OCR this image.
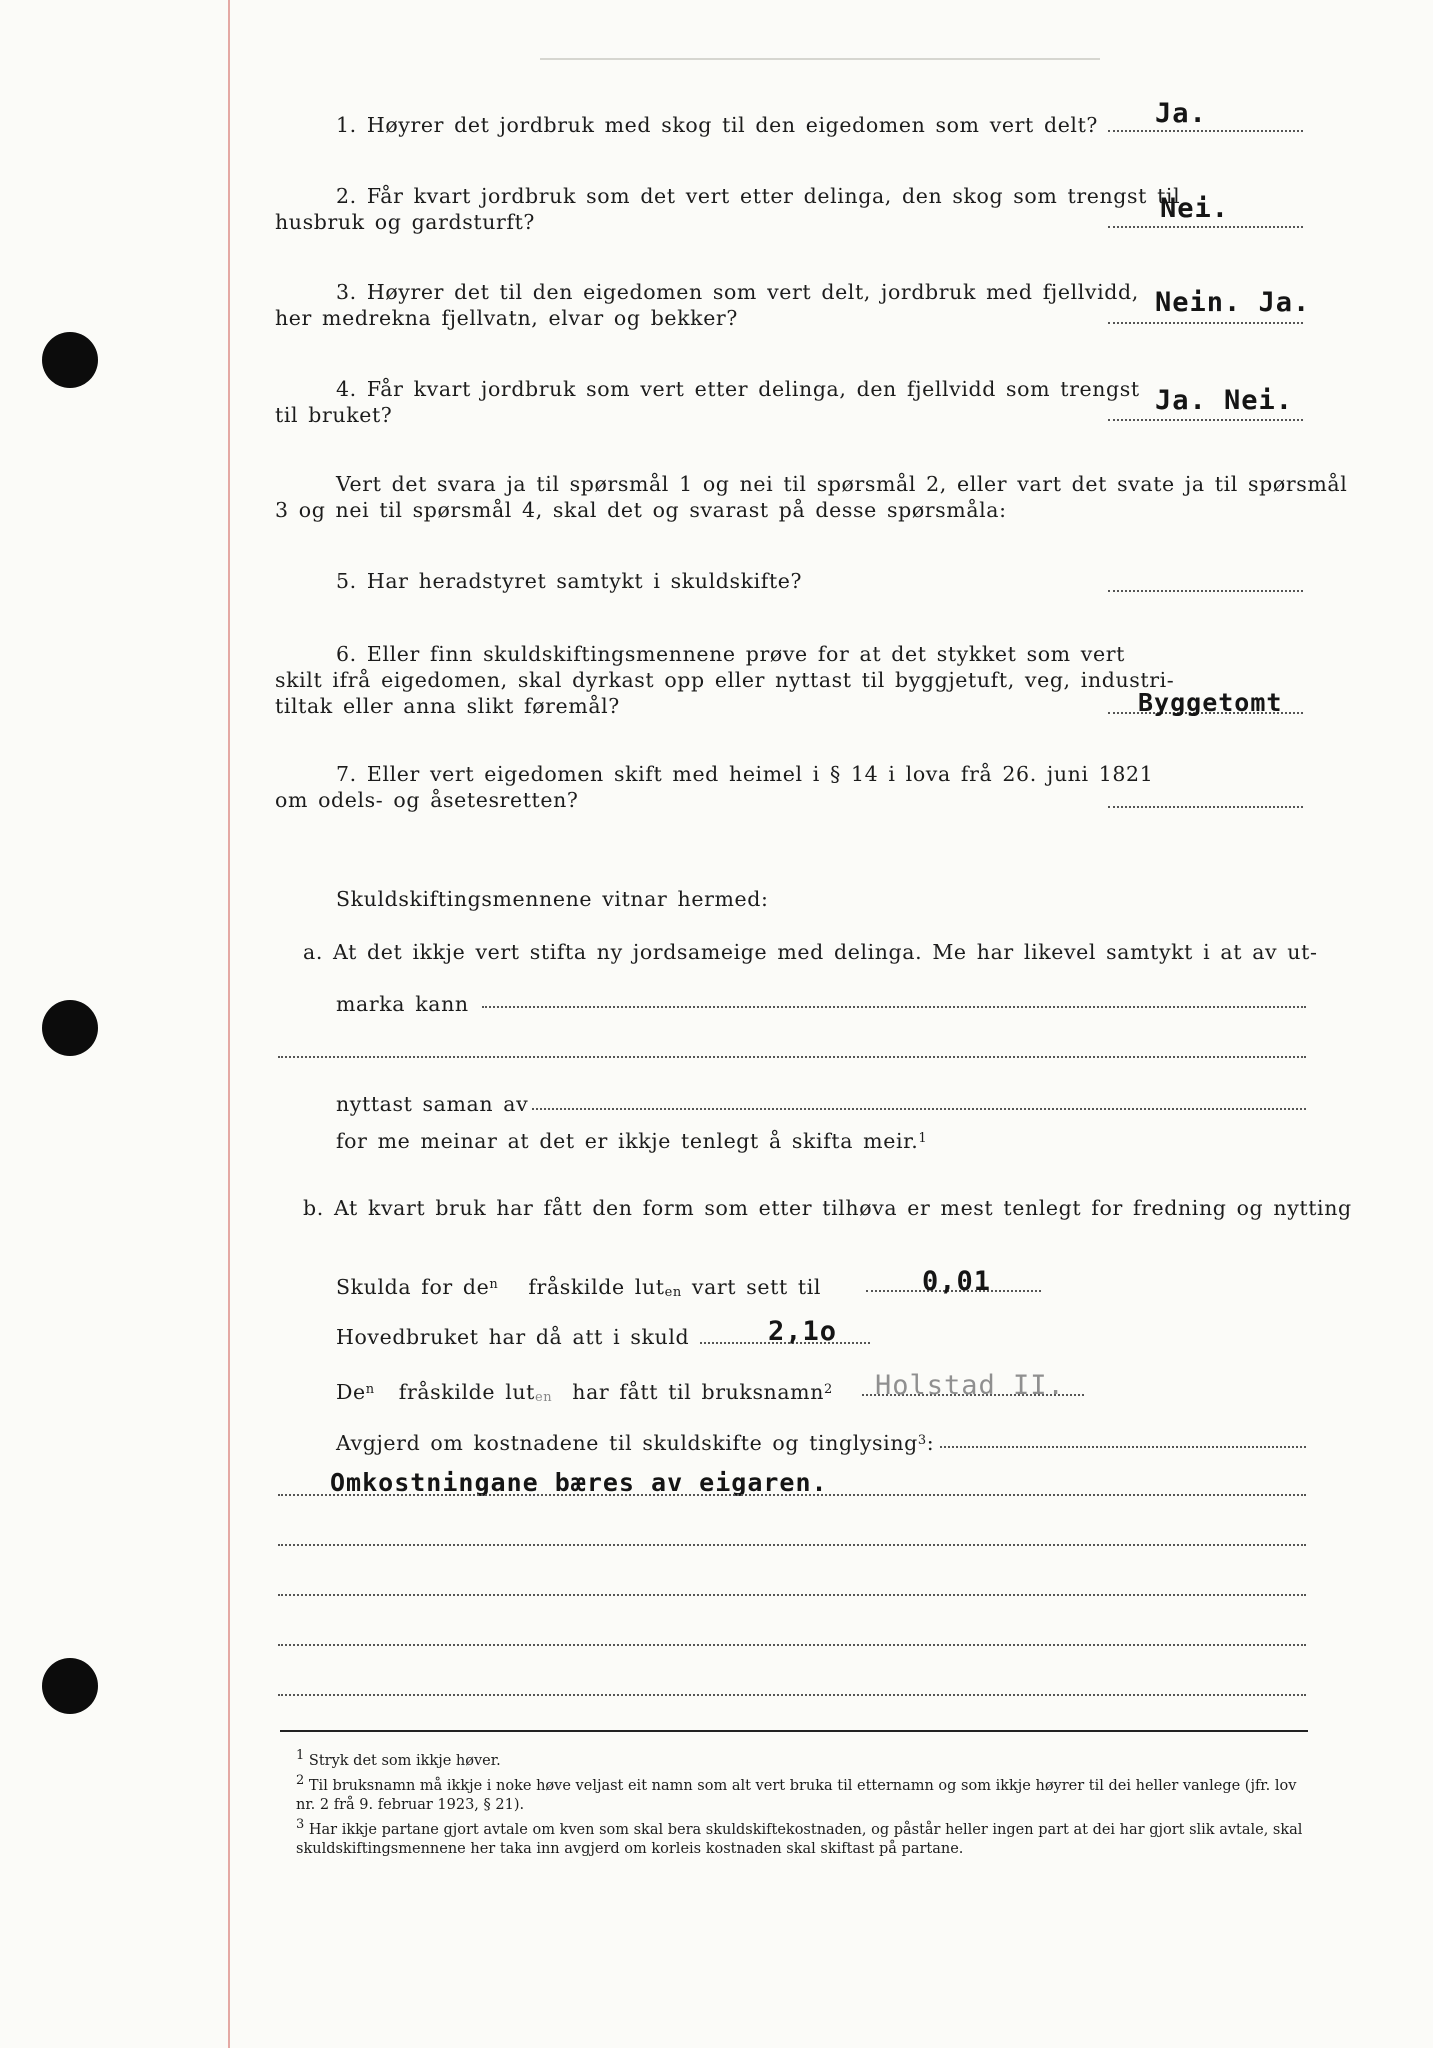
1. Høyrer det jordbruk med skog til den eigedomen som vert delt? Ja.
2. Får kvart jordbruk som det vert etter delinga, den skog som trengst til
husbruk og gardsturft?	Nei.
3. Høyrer det til den eigedomen som vert delt, jordbruk med fjellvidd,
her medrekna fjellvatn, elvar og bekker?	Nein. Ja.
4. Får kvart jordbruk som vert etter delinga, den fjellvidd som trengst
til bruket?	Ja. Nei.
Vert det svara ja til spørsmål 1 og nei til spørsmål 2, eller vart det svate ja til spørsmål
3 og nei til spørsmål 4, skal det og svarast på desse spørsmåla:
5. Har heradstyret samtykt i skuldskifte?
6. Eller finn skuldskiftingsmennene prøve for at det stykket som vert
skilt ifrå eigedomen, skal dyrkast opp eller nyttast til byggjetuft, veg, industri-
tiltak eller anna slikt føremål?	Byggetomt
7. Eller vert eigedomen skift med heimel i § 14 i lova frå 26. juni 1821
om odels- og åsetesretten?
Skuldskiftingsmennene vitnar hermed:
a. At det ikkje vert stifta ny jordsameige med delinga. Me har likevel samtykt i at av ut-
marka kann
nyttast saman av
for me meinar at det er ikkje tenlegt å skifta meir.$^1$
b. At kvart bruk har fått den form som etter tilhøva er mest tenlegt for fredning og nytting
Skulda for $de^n$ fråskilde luten vart sett til	0,01
Hovedbruket har då att i skuld	2,1o
De$^n$ fråskilde luten har fått til bruksnamn$^2$ Holstad II.
Avgjerd om kostnadene til skuldskifte og tinglysing$^3$:
Omkostningane bæres av eigaren.

1 Stryk det som ikkje høver.

2 Til bruksnamn må ikkje i noke høve veljast eit namn som alt vert bruka til etternamn og som ikkje høyrer til dei heller vanlege (jfr. lov nr. 2 frå 9. februar 1923, § 21).

3 Har ikkje partane gjort avtale om kven som skal bera skuldskiftekostnaden, og påstår heller ingen part at dei har gjort slik avtale, skal skuldskiftingsmennene her taka inn avgjerd om korleis kostnaden skal skiftast på partane.
